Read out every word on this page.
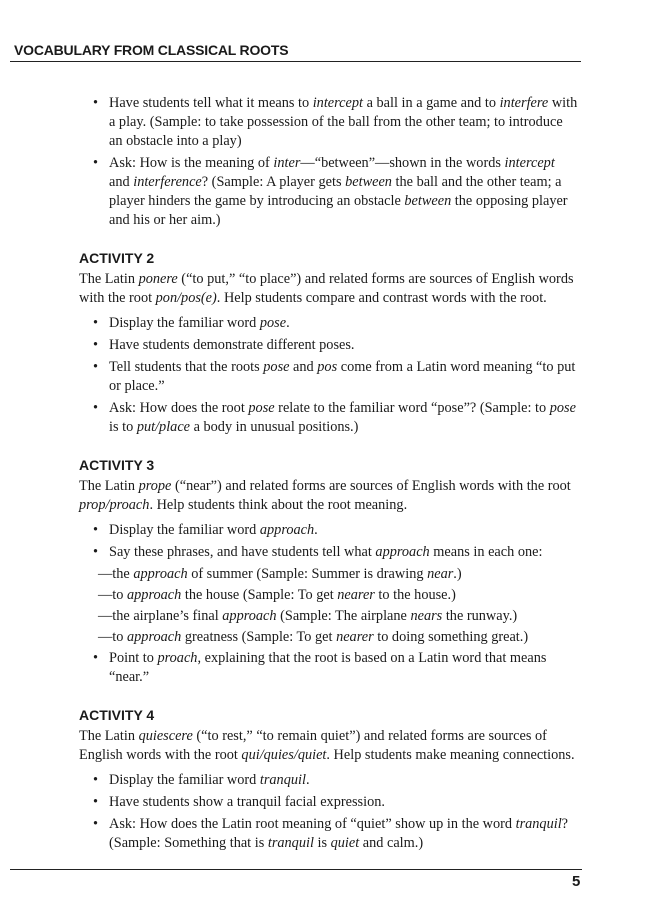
VOCABULARY FROM CLASSICAL ROOTS
• Have students tell what it means to intercept a ball in a game and to interfere with a play. (Sample: to take possession of the ball from the other team; to introduce an obstacle into a play)
• Ask: How is the meaning of inter—“between”—shown in the words intercept and interference? (Sample: A player gets between the ball and the other team; a player hinders the game by introducing an obstacle between the opposing player and his or her aim.)
ACTIVITY 2

The Latin ponere (“to put,” “to place”) and related forms are sources of English words with the root pon/pos(e). Help students compare and contrast words with the root.

• Display the familiar word pose.
• Have students demonstrate different poses.
• Tell students that the roots pose and pos come from a Latin word meaning “to put or place.”
• Ask: How does the root pose relate to the familiar word “pose”? (Sample: to pose is to put/place a body in unusual positions.)
ACTIVITY 3

The Latin prope (“near”) and related forms are sources of English words with the root prop/proach. Help students think about the root meaning.

• Display the familiar word approach.
• Say these phrases, and have students tell what approach means in each one:
—the approach of summer (Sample: Summer is drawing near.)
—to approach the house (Sample: To get nearer to the house.)
—the airplane’s final approach (Sample: The airplane nears the runway.)
—to approach greatness (Sample: To get nearer to doing something great.)
• Point to proach, explaining that the root is based on a Latin word that means “near.”
ACTIVITY 4

The Latin quiescere (“to rest,” “to remain quiet”) and related forms are sources of English words with the root qui/quies/quiet. Help students make meaning connections.

• Display the familiar word tranquil.
• Have students show a tranquil facial expression.
• Ask: How does the Latin root meaning of “quiet” show up in the word tranquil? (Sample: Something that is tranquil is quiet and calm.)
5
